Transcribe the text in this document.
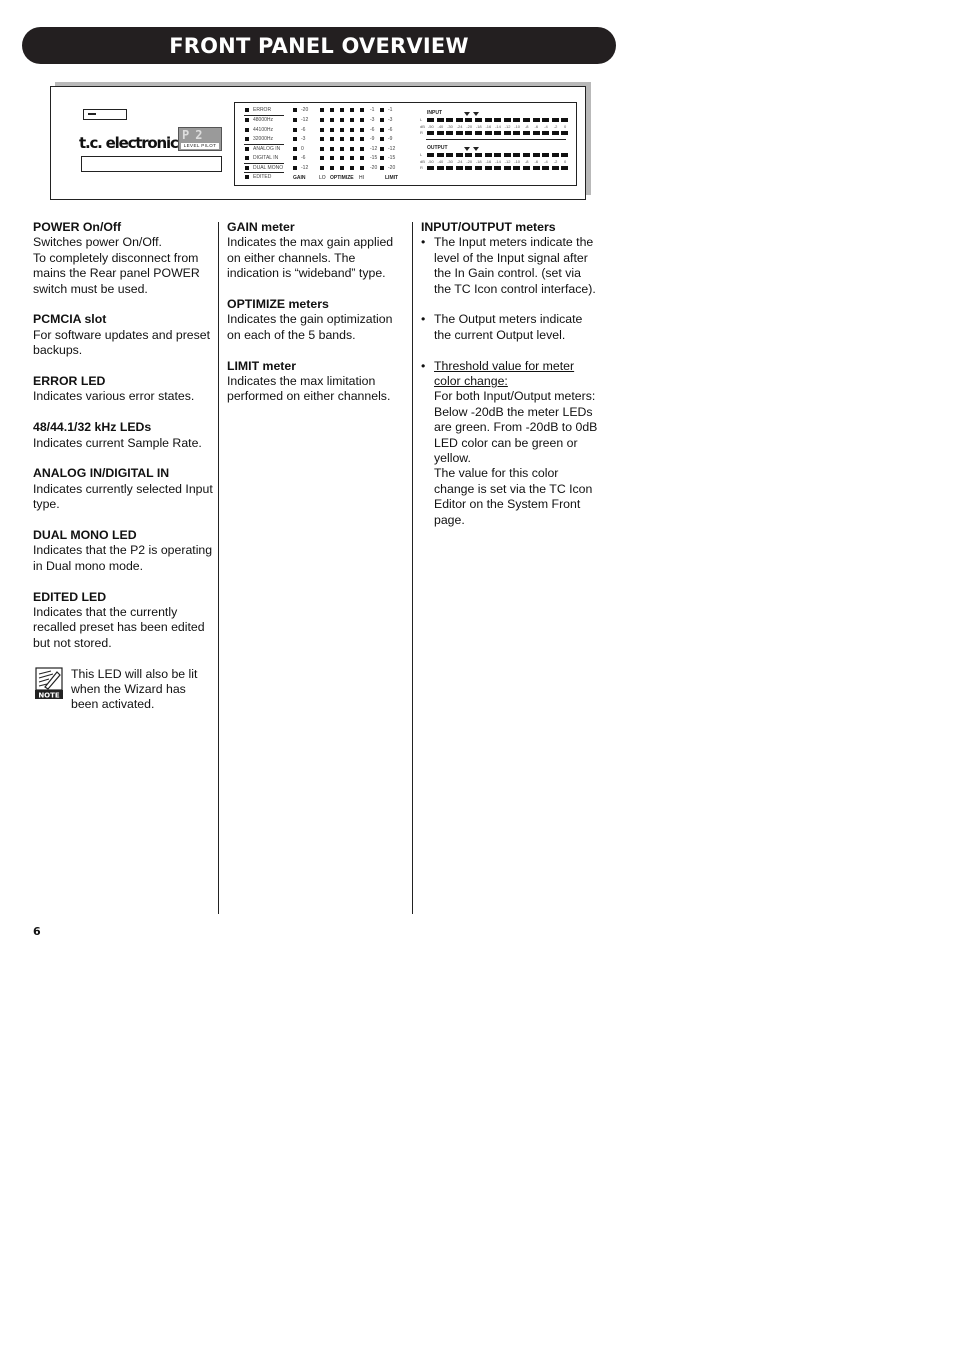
FRONT PANEL OVERVIEW
t.c. electronic P2
LEVEL PILOT
ERROR
48000Hz
44100Hz
32000Hz
ANALOG IN
DIGITAL IN
DUAL MONO
EDITED
-20
-12
-6
-3
0
-6
-12
GAIN
-1
-3
-6
-9
-12
-15
-20
LO OPTIMIZE HI
-1
-3
-6
-9
-12
-15
-20
LIMIT
INPUT
L
dB -50 -40 -30 -24 -20 -18 -16 -14 -12 -10	-8	-6	-4	-2	0
R
OUTPUT
L
dB -50 -40 -30 -24 -20 -18 -16 -14 -12 -10	-8	-6	-4	-2	0
R
POWER On/Off

Switches power On/Off.

To completely disconnect from mains the Rear panel POWER switch must be used.

PCMCIA slot

For software updates and preset backups.

ERROR LED

Indicates various error states.

48/44.1/32 kHz LEDs

Indicates current Sample Rate.

ANALOG IN/DIGITAL IN

Indicates currently selected Input type.

DUAL MONO LED

Indicates that the P2 is operating in Dual mono mode.

EDITED LED

Indicates that the currently recalled preset has been edited but not stored.

NOTE

This LED will also be lit when the Wizard has been activated.

GAIN meter

Indicates the max gain applied on either channels. The indication is “wideband” type.

OPTIMIZE meters

Indicates the gain optimization on each of the 5 bands.

LIMIT meter

Indicates the max limitation performed on either channels.

INPUT/OUTPUT meters
• The Input meters indicate the level of the Input signal after the In Gain control. (set via the TC Icon control interface).
• The Output meters indicate the current Output level.
• Threshold value for meter color change:
For both Input/Output meters: Below -20dB the meter LEDs are green. From -20dB to 0dB LED color can be green or yellow.
The value for this color change is set via the TC Icon Editor on the System Front page.
6
